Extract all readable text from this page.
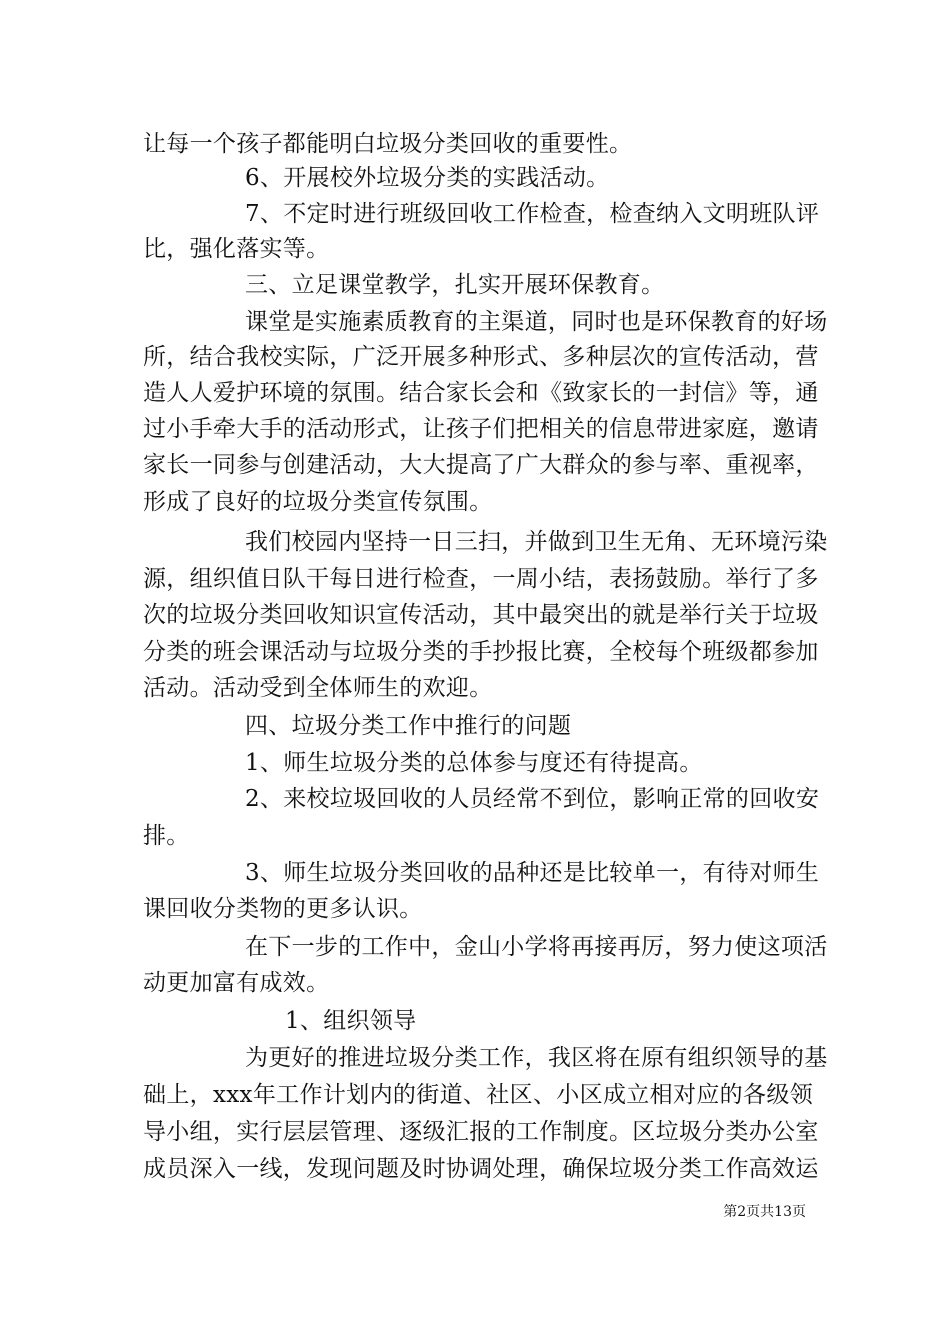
让每一个孩子都能明白垃圾分类回收的重要性。
6、开展校外垃圾分类的实践活动。
7、不定时进行班级回收工作检查，检查纳入文明班队评
比，强化落实等。
三、立足课堂教学，扎实开展环保教育。
课堂是实施素质教育的主渠道，同时也是环保教育的好场
所，结合我校实际，广泛开展多种形式、多种层次的宣传活动，营
造人人爱护环境的氛围。结合家长会和《致家长的一封信》等，通
过小手牵大手的活动形式，让孩子们把相关的信息带进家庭，邀请
家长一同参与创建活动，大大提高了广大群众的参与率、重视率，
形成了良好的垃圾分类宣传氛围。
我们校园内坚持一日三扫，并做到卫生无角、无环境污染
源，组织值日队干每日进行检查，一周小结，表扬鼓励。举行了多
次的垃圾分类回收知识宣传活动，其中最突出的就是举行关于垃圾
分类的班会课活动与垃圾分类的手抄报比赛，全校每个班级都参加
活动。活动受到全体师生的欢迎。
四、垃圾分类工作中推行的问题
1、师生垃圾分类的总体参与度还有待提高。
2、来校垃圾回收的人员经常不到位，影响正常的回收安
排。
3、师生垃圾分类回收的品种还是比较单一，有待对师生
课回收分类物的更多认识。
在下一步的工作中，金山小学将再接再厉，努力使这项活
动更加富有成效。
1、组织领导
为更好的推进垃圾分类工作，我区将在原有组织领导的基
础上，xxx年工作计划内的街道、社区、小区成立相对应的各级领
导小组，实行层层管理、逐级汇报的工作制度。区垃圾分类办公室
成员深入一线，发现问题及时协调处理，确保垃圾分类工作高效运
第2页共13页
